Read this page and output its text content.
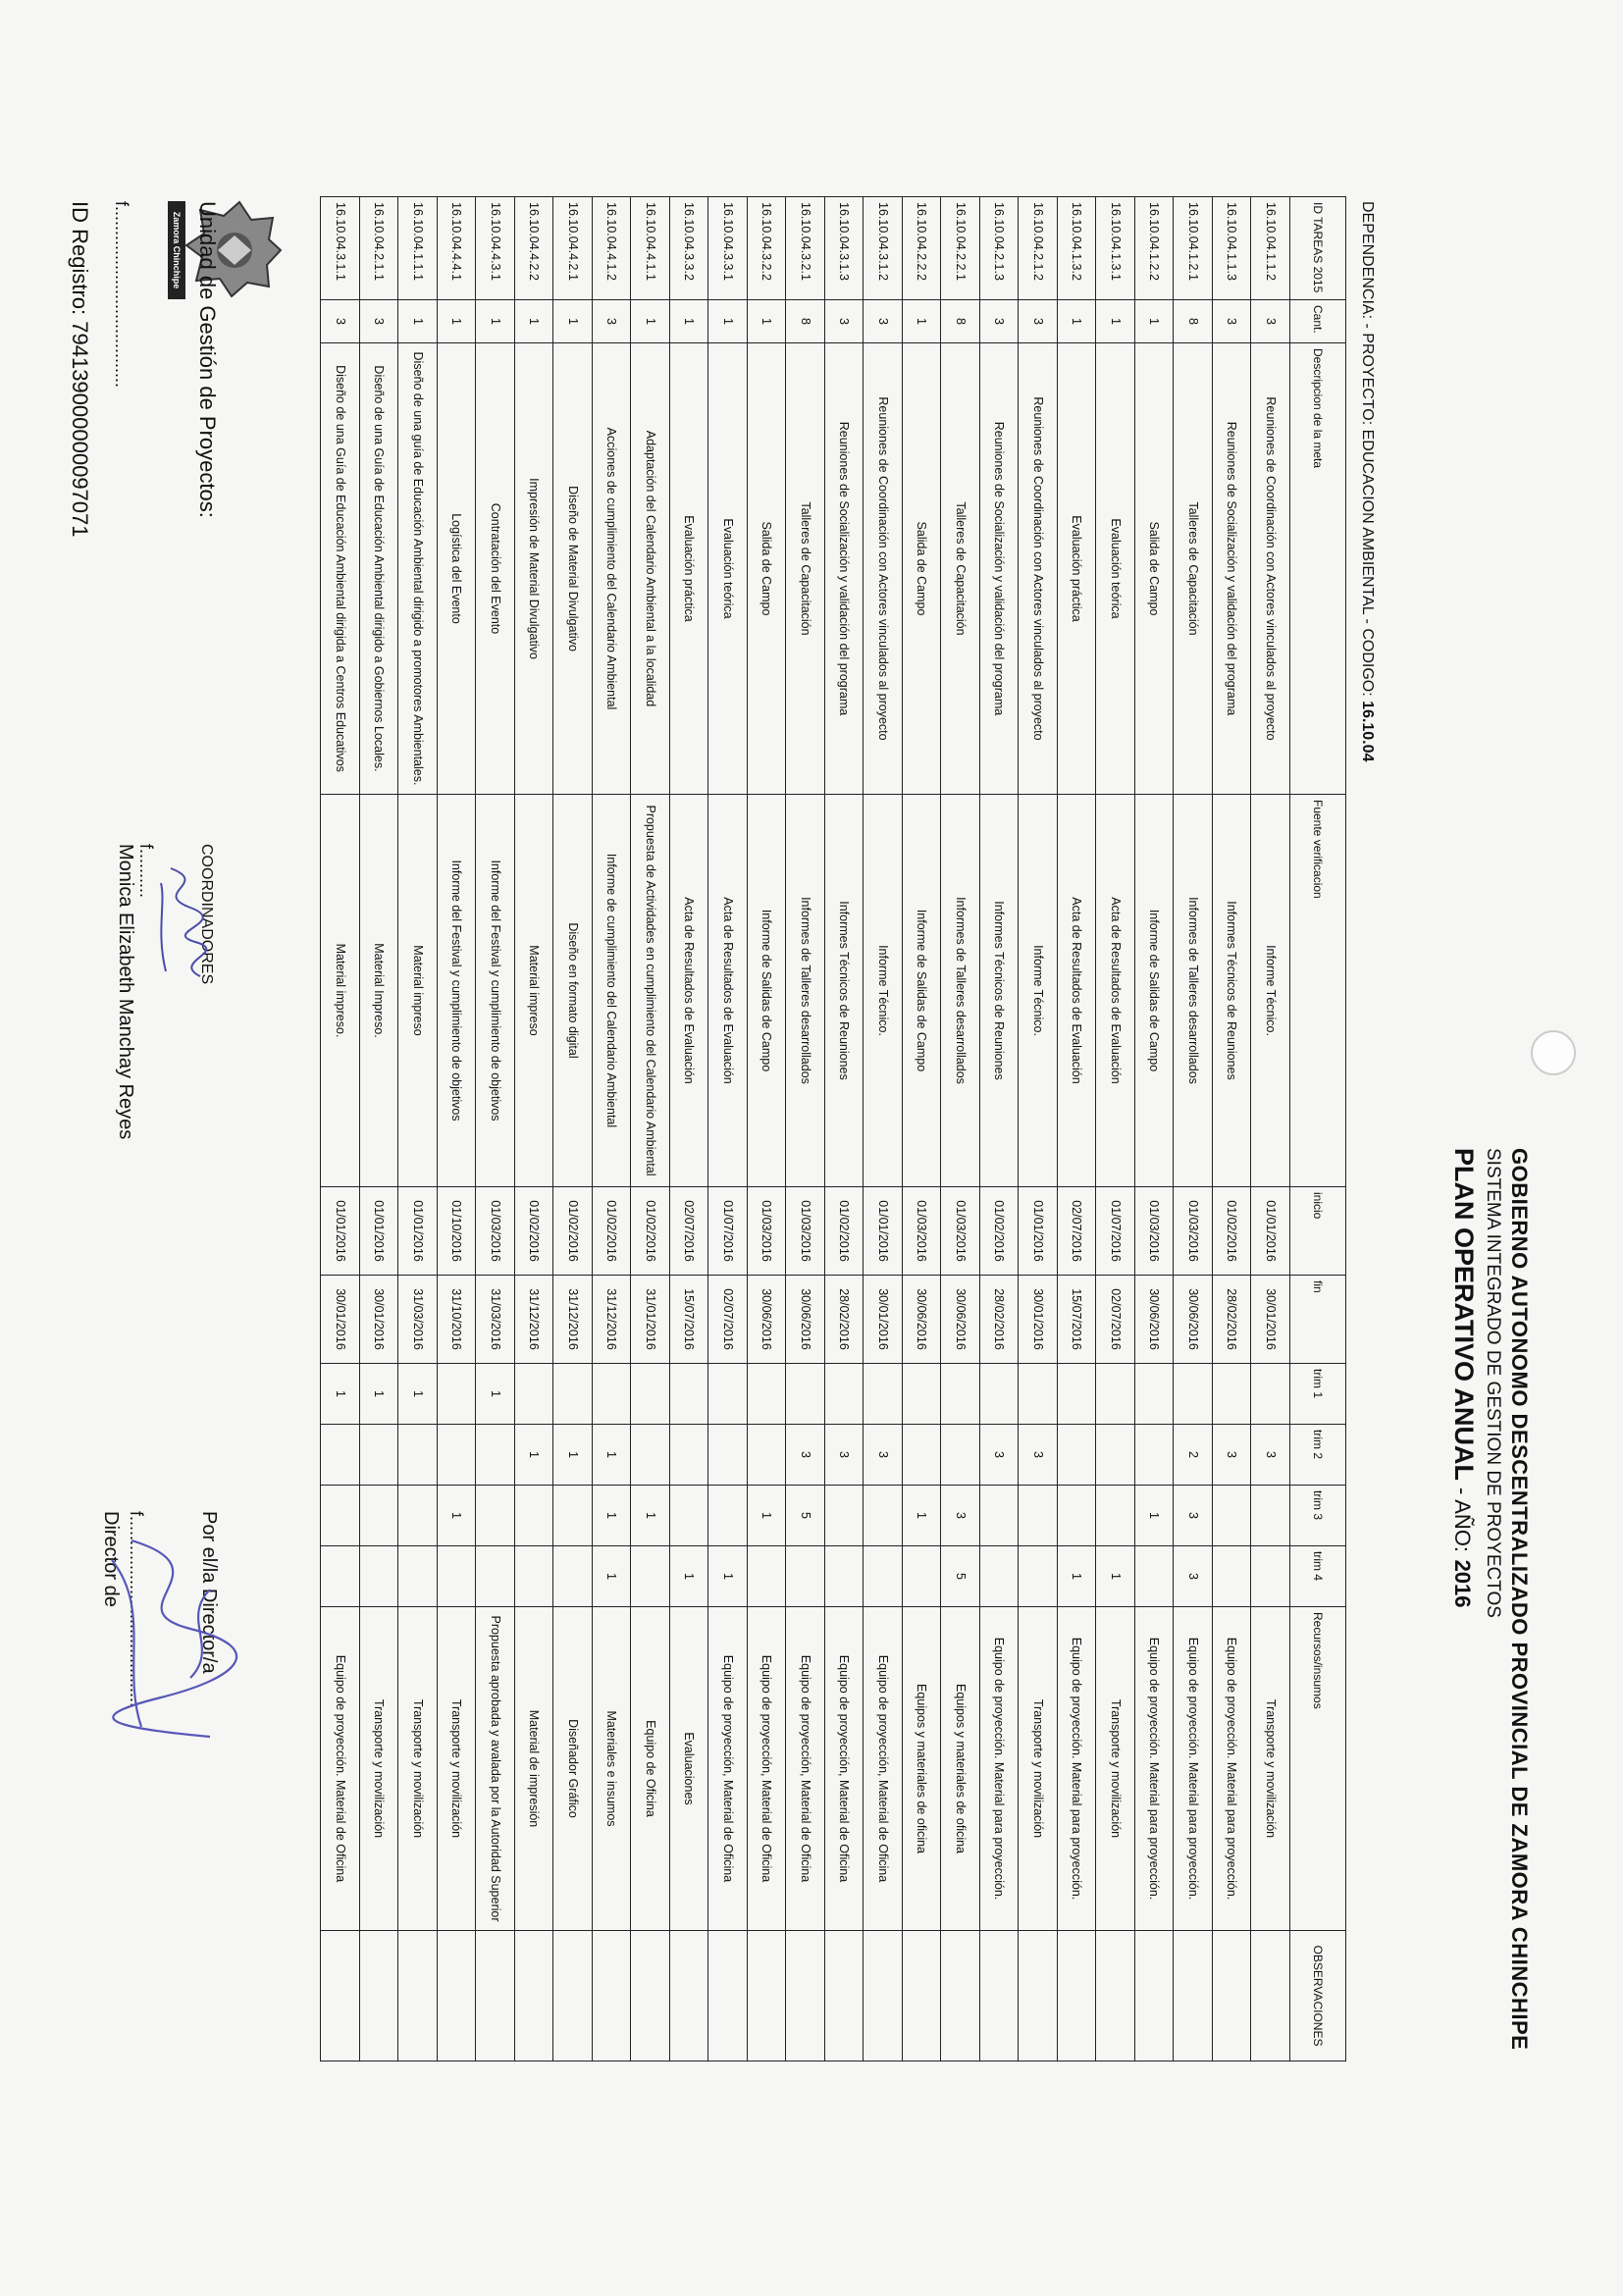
Zamora Chinchipe
GOBIERNO AUTONOMO DESCENTRALIZADO PROVINCIAL DE ZAMORA CHINCHIPE
SISTEMA INTEGRADO DE GESTION DE PROYECTOS
PLAN OPERATIVO ANUAL - AÑO: 2016
DEPENDENCIA: - PROYECTO: EDUCACION AMBIENTAL - CODIGO: 16.10.04
ID TAREAS 2015	Cant.	Descripcion de la meta	Fuente verificacion	inicio	fin	trim 1	trim 2	trim 3	trim 4	Recursos/insumos	OBSERVACIONES
16.10.04.1.1.2	3	Reuniones de Coordinación con Actores vinculados al proyecto	Informe Técnico.	01/01/2016	30/01/2016		3			Transporte y movilización	
16.10.04.1.1.3	3	Reuniones de Socialización y validación del programa	Informes Técnicos de Reuniones	01/02/2016	28/02/2016		3			Equipo de proyección. Material para proyección.	
16.10.04.1.2.1	8	Talleres de Capacitación	Informes de Talleres desarrollados	01/03/2016	30/06/2016		2	3	3	Equipo de proyección. Material para proyección.	
16.10.04.1.2.2	1	Salida de Campo	Informe de Salidas de Campo	01/03/2016	30/06/2016			1		Equipo de proyección. Material para proyección.	
16.10.04.1.3.1	1	Evaluación teórica	Acta de Resultados de Evaluación	01/07/2016	02/07/2016				1	Transporte y movilización	
16.10.04.1.3.2	1	Evaluación práctica	Acta de Resultados de Evaluación	02/07/2016	15/07/2016				1	Equipo de proyección. Material para proyección.	
16.10.04.2.1.2	3	Reuniones de Coordinación con Actores vinculados al proyecto	Informe Técnico.	01/01/2016	30/01/2016		3			Transporte y movilización	
16.10.04.2.1.3	3	Reuniones de Socialización y validación del programa	Informes Técnicos de Reuniones	01/02/2016	28/02/2016		3			Equipo de proyección. Material para proyección.	
16.10.04.2.2.1	8	Talleres de Capacitación	Informes de Talleres desarrollados	01/03/2016	30/06/2016			3	5	Equipos y materiales de oficina	
16.10.04.2.2.2	1	Salida de Campo	Informe de Salidas de Campo	01/03/2016	30/06/2016			1		Equipos y materiales de oficina	
16.10.04.3.1.2	3	Reuniones de Coordinación con Actores vinculados al proyecto	Informe Técnico.	01/01/2016	30/01/2016		3			Equipo de proyección, Material de Oficina	
16.10.04.3.1.3	3	Reuniones de Socialización y validación del programa	Informes Técnicos de Reuniones	01/02/2016	28/02/2016		3			Equipo de proyección, Material de Oficina	
16.10.04.3.2.1	8	Talleres de Capacitación	Informes de Talleres desarrollados	01/03/2016	30/06/2016		3	5		Equipo de proyección, Material de Oficina	
16.10.04.3.2.2	1	Salida de Campo	Informe de Salidas de Campo	01/03/2016	30/06/2016			1		Equipo de proyección, Material de Oficina	
16.10.04.3.3.1	1	Evaluación teórica	Acta de Resultados de Evaluación	01/07/2016	02/07/2016				1	Equipo de proyección, Material de Oficina	
16.10.04.3.3.2	1	Evaluación práctica	Acta de Resultados de Evaluación	02/07/2016	15/07/2016				1	Evaluaciones	
16.10.04.4.1.1	1	Adaptación del Calendario Ambiental a la localidad	Propuesta de Actividades en cumplimiento del Calendario Ambiental	01/02/2016	31/01/2016			1		Equipo de Oficina	
16.10.04.4.1.2	3	Acciones de cumplimiento del Calendario Ambiental	Informe de cumplimiento del Calendario Ambiental	01/02/2016	31/12/2016		1	1	1	Materiales e insumos	
16.10.04.4.2.1	1	Diseño de Material Divulgativo	Diseño en formato digital	01/02/2016	31/12/2016		1			Diseñador Gráfico	
16.10.04.4.2.2	1	Impresión de Material Divulgativo	Material impreso	01/02/2016	31/12/2016		1			Material de impresión	
16.10.04.4.3.1	1	Contratación del Evento	Informe del Festival y cumplimiento de objetivos	01/03/2016	31/03/2016	1				Propuesta aprobada y avalada por la Autoridad Superior	
16.10.04.4.4.1	1	Logística del Evento	Informe del Festival y cumplimiento de objetivos	01/10/2016	31/10/2016			1		Transporte y movilización	
16.10.04.1.1.1	1	Diseño de una guía de Educación Ambiental dirigido a promotores Ambientales.	Material impreso	01/01/2016	31/03/2016	1				Transporte y movilización	
16.10.04.2.1.1	3	Diseño de una Guía de Educación Ambiental dirigido a Gobiernos Locales.	Material Impreso.	01/01/2016	30/01/2016	1				Transporte y movilización	
16.10.04.3.1.1	3	Diseño de una Guía de Educación Ambiental dirigida a Centros Educativos	Material impreso.	01/01/2016	30/01/2016	1				Equipo de proyección. Material de Oficina	
Unidad de Gestión de Proyectos:
f.....................................
ID Registro: 794139000000097071
COORDINADORES
f..........
Monica Elizabeth Manchay Reyes
Por el/la Director/a
f.......................................
Director de
